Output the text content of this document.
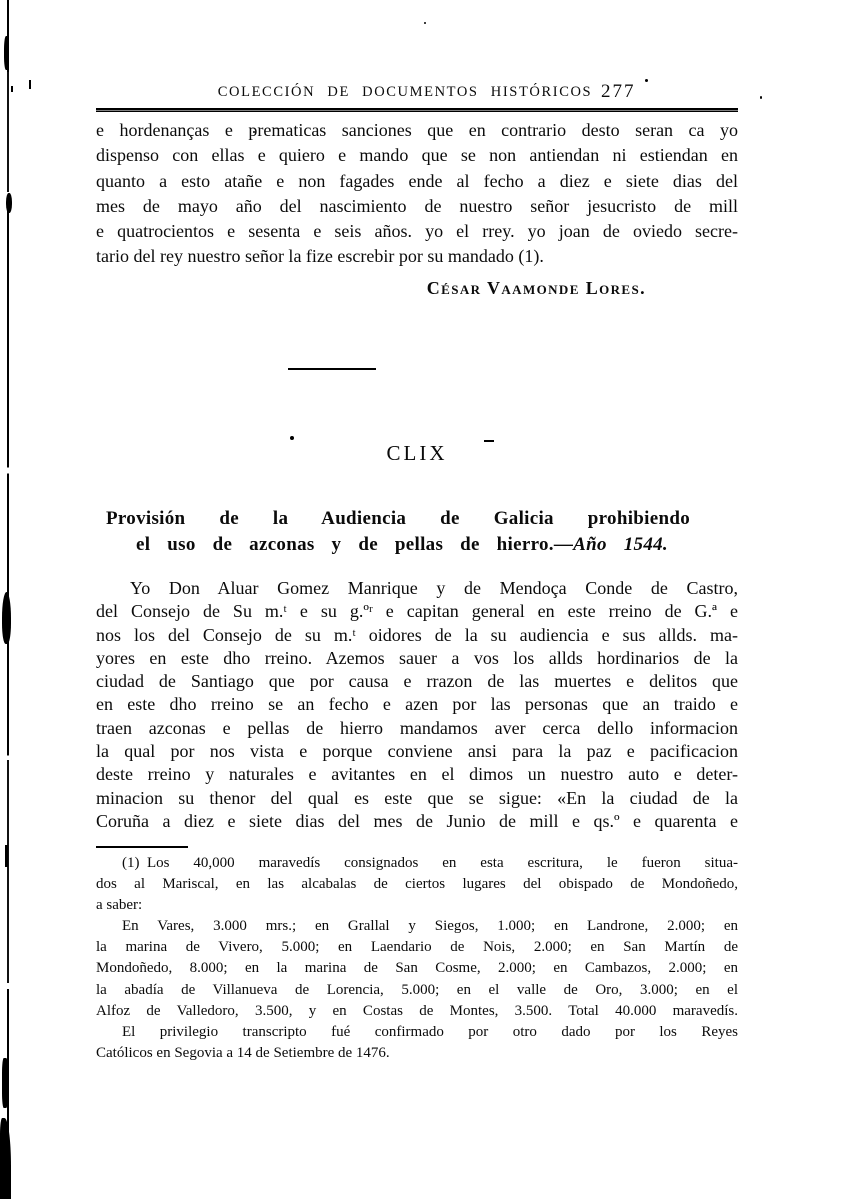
COLECCIÓN DE DOCUMENTOS HISTÓRICOS 277
e hordenanças e prematicas sanciones que en contrario desto seran ca yo
dispenso con ellas e quiero e mando que se non antiendan ni estiendan en
quanto a esto atañe e non fagades ende al fecho a diez e siete dias del
mes de mayo año del nascimiento de nuestro señor jesucristo de mill
e quatrocientos e sesenta e seis años. yo el rrey. yo joan de oviedo secre-
tario del rey nuestro señor la fize escrebir por su mandado (1).
César Vaamonde Lores.
CLIX
Provisión de la Audiencia de Galicia prohibiendo
el uso de azconas y de pellas de hierro.—Año 1544.
Yo Don Aluar Gomez Manrique y de Mendoça Conde de Castro,
del Consejo de Su m.ᵗ e su g.ºʳ e capitan general en este rreino de G.ª e
nos los del Consejo de su m.ᵗ oidores de la su audiencia e sus allds. ma-
yores en este dho rreino. Azemos sauer a vos los allds hordinarios de la
ciudad de Santiago que por causa e rrazon de las muertes e delitos que
en este dho rreino se an fecho e azen por las personas que an traido e
traen azconas e pellas de hierro mandamos aver cerca dello informacion
la qual por nos vista e porque conviene ansi para la paz e pacificacion
deste rreino y naturales e avitantes en el dimos un nuestro auto e deter-
minacion su thenor del qual es este que se sigue: «En la ciudad de la
Coruña a diez e siete dias del mes de Junio de mill e qs.º e quarenta e
(1) Los 40,000 maravedís consignados en esta escritura, le fueron situa-
dos al Mariscal, en las alcabalas de ciertos lugares del obispado de Mondoñedo,
a saber:
En Vares, 3.000 mrs.; en Grallal y Siegos, 1.000; en Landrone, 2.000; en
la marina de Vivero, 5.000; en Laendario de Nois, 2.000; en San Martín de
Mondoñedo, 8.000; en la marina de San Cosme, 2.000; en Cambazos, 2.000; en
la abadía de Villanueva de Lorencia, 5.000; en el valle de Oro, 3.000; en el
Alfoz de Valledoro, 3.500, y en Costas de Montes, 3.500. Total 40.000 maravedís.
El privilegio transcripto fué confirmado por otro dado por los Reyes
Católicos en Segovia a 14 de Setiembre de 1476.
